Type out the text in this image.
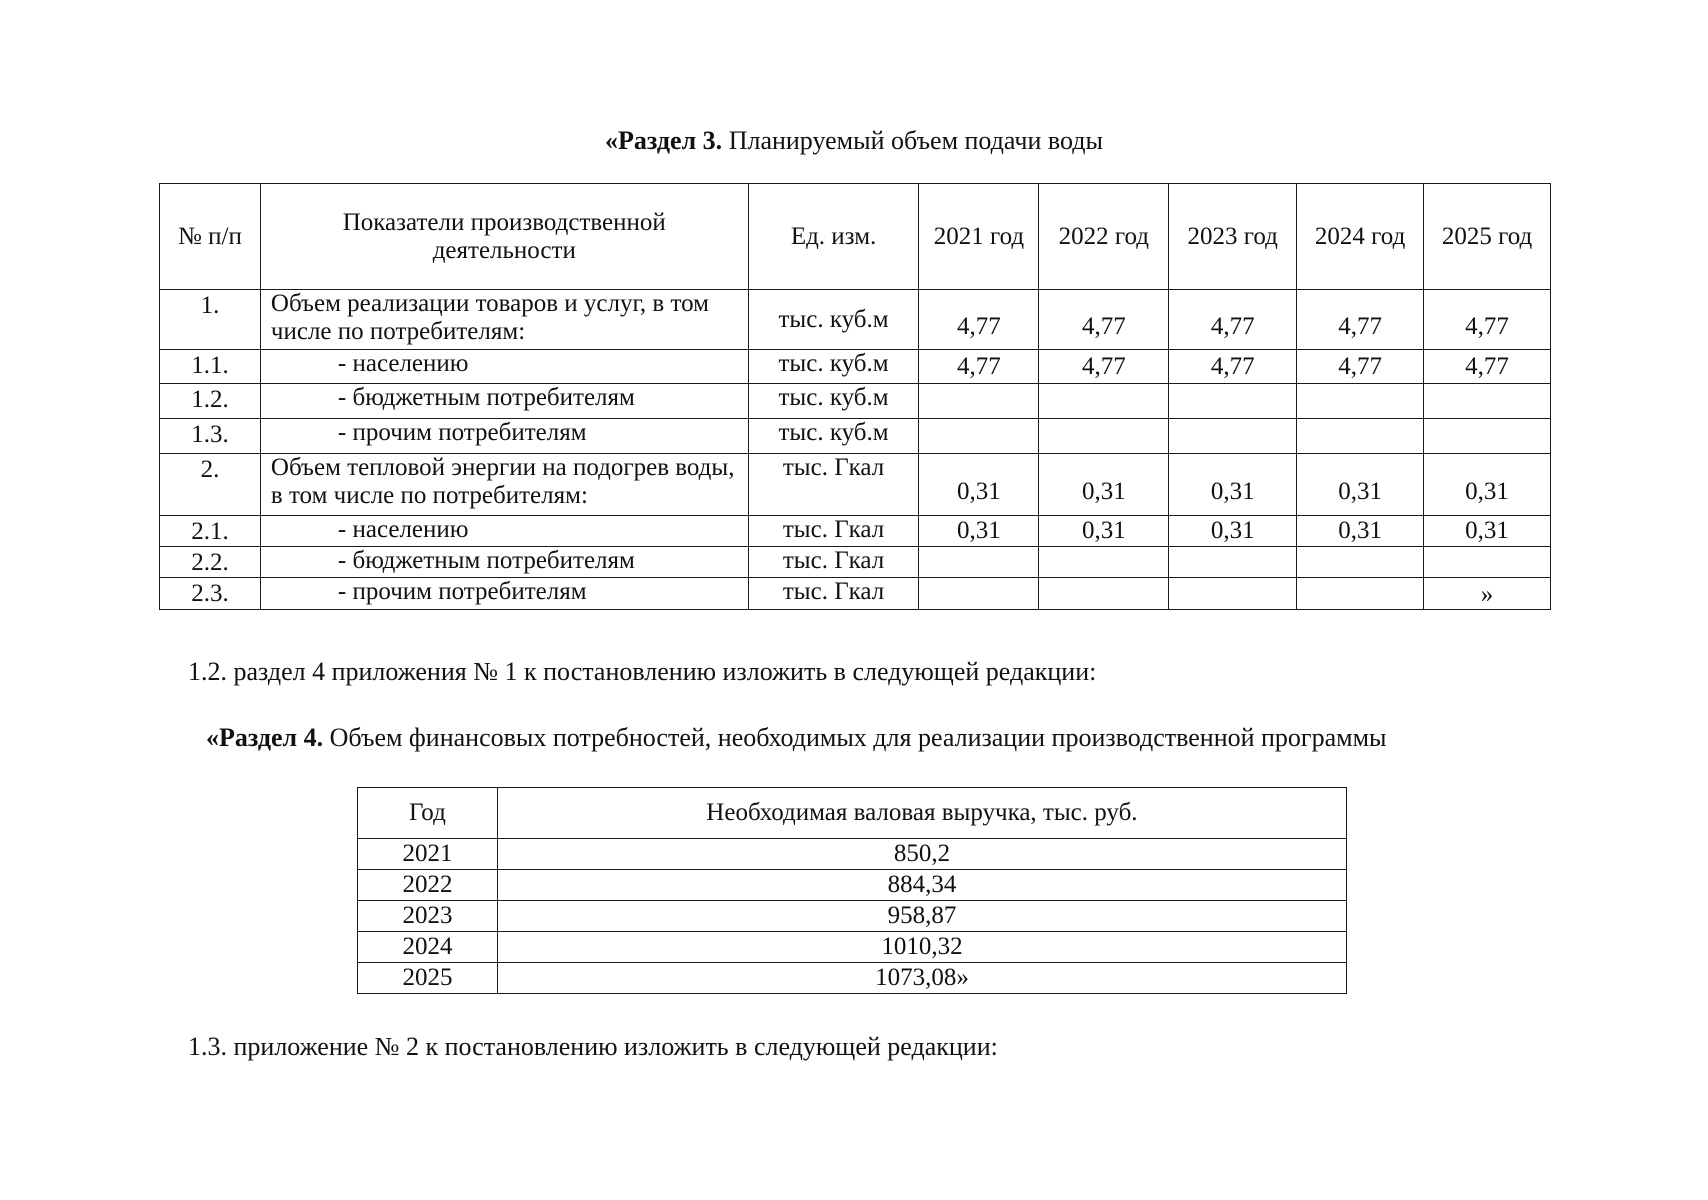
«Раздел 3. Планируемый объем подачи воды
№ п/п	Показатели производственной деятельности	Ед. изм.	2021 год	2022 год	2023 год	2024 год	2025 год
1.	Объем реализации товаров и услуг, в том числе по потребителям:	тыс. куб.м	4,77	4,77	4,77	4,77	4,77
1.1.	- населению	тыс. куб.м	4,77	4,77	4,77	4,77	4,77
1.2.	- бюджетным потребителям	тыс. куб.м					
1.3.	- прочим потребителям	тыс. куб.м					
2.	Объем тепловой энергии на подогрев воды, в том числе по потребителям:	тыс. Гкал	0,31	0,31	0,31	0,31	0,31
2.1.	- населению	тыс. Гкал	0,31	0,31	0,31	0,31	0,31
2.2.	- бюджетным потребителям	тыс. Гкал					
2.3.	- прочим потребителям	тыс. Гкал					»
1.2. раздел 4 приложения № 1 к постановлению изложить в следующей редакции:
«Раздел 4. Объем финансовых потребностей, необходимых для реализации производственной программы
Год	Необходимая валовая выручка, тыс. руб.
2021	850,2
2022	884,34
2023	958,87
2024	1010,32
2025	1073,08»
1.3. приложение № 2 к постановлению изложить в следующей редакции:
